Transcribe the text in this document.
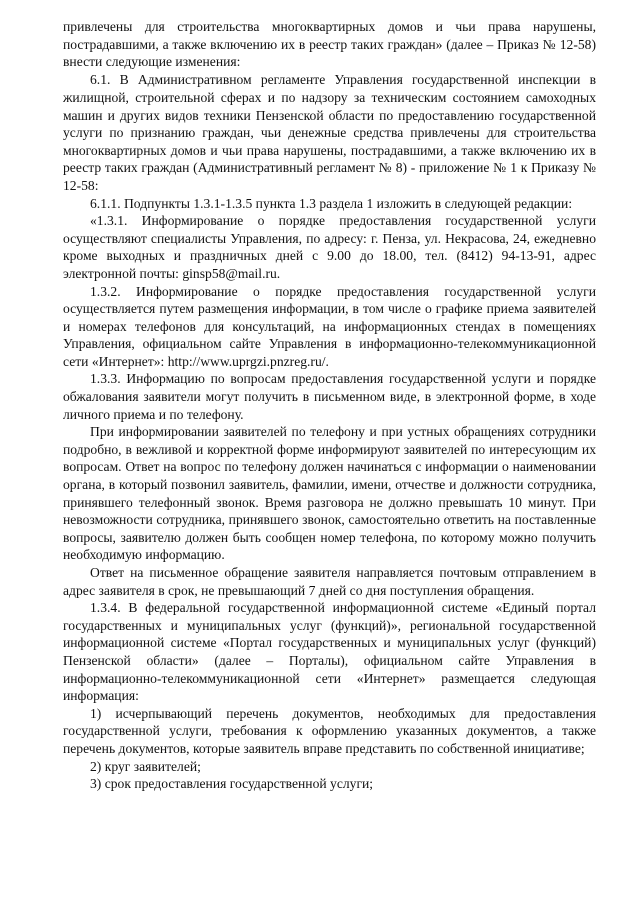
привлечены для строительства многоквартирных домов и чьи права нарушены, пострадавшими, а также включению их в реестр таких граждан» (далее – Приказ № 12-58) внести следующие изменения:

6.1. В Административном регламенте Управления государственной инспекции в жилищной, строительной сферах и по надзору за техническим состоянием самоходных машин и других видов техники Пензенской области по предоставлению государственной услуги по признанию граждан, чьи денежные средства привлечены для строительства многоквартирных домов и чьи права нарушены, пострадавшими, а также включению их в реестр таких граждан (Административный регламент № 8) - приложение № 1 к Приказу № 12-58:

6.1.1. Подпункты 1.3.1-1.3.5 пункта 1.3 раздела 1 изложить в следующей редакции:

«1.3.1. Информирование о порядке предоставления государственной услуги осуществляют специалисты Управления, по адресу: г. Пенза, ул. Некрасова, 24, ежедневно кроме выходных и праздничных дней с 9.00 до 18.00, тел. (8412) 94-13-91, адрес электронной почты: ginsp58@mail.ru.

1.3.2. Информирование о порядке предоставления государственной услуги осуществляется путем размещения информации, в том числе о графике приема заявителей и номерах телефонов для консультаций, на информационных стендах в помещениях Управления, официальном сайте Управления в информационно-телекоммуникационной сети «Интернет»: http://www.uprgzi.pnzreg.ru/.

1.3.3. Информацию по вопросам предоставления государственной услуги и порядке обжалования заявители могут получить в письменном виде, в электронной форме, в ходе личного приема и по телефону.

При информировании заявителей по телефону и при устных обращениях сотрудники подробно, в вежливой и корректной форме информируют заявителей по интересующим их вопросам. Ответ на вопрос по телефону должен начинаться с информации о наименовании органа, в который позвонил заявитель, фамилии, имени, отчестве и должности сотрудника, принявшего телефонный звонок. Время разговора не должно превышать 10 минут. При невозможности сотрудника, принявшего звонок, самостоятельно ответить на поставленные вопросы, заявителю должен быть сообщен номер телефона, по которому можно получить необходимую информацию.

Ответ на письменное обращение заявителя направляется почтовым отправлением в адрес заявителя в срок, не превышающий 7 дней со дня поступления обращения.

1.3.4. В федеральной государственной информационной системе «Единый портал государственных и муниципальных услуг (функций)», региональной государственной информационной системе «Портал государственных и муниципальных услуг (функций) Пензенской области» (далее – Порталы), официальном сайте Управления в информационно-телекоммуникационной сети «Интернет» размещается следующая информация:

1) исчерпывающий перечень документов, необходимых для предоставления государственной услуги, требования к оформлению указанных документов, а также перечень документов, которые заявитель вправе представить по собственной инициативе;

2) круг заявителей;

3) срок предоставления государственной услуги;
